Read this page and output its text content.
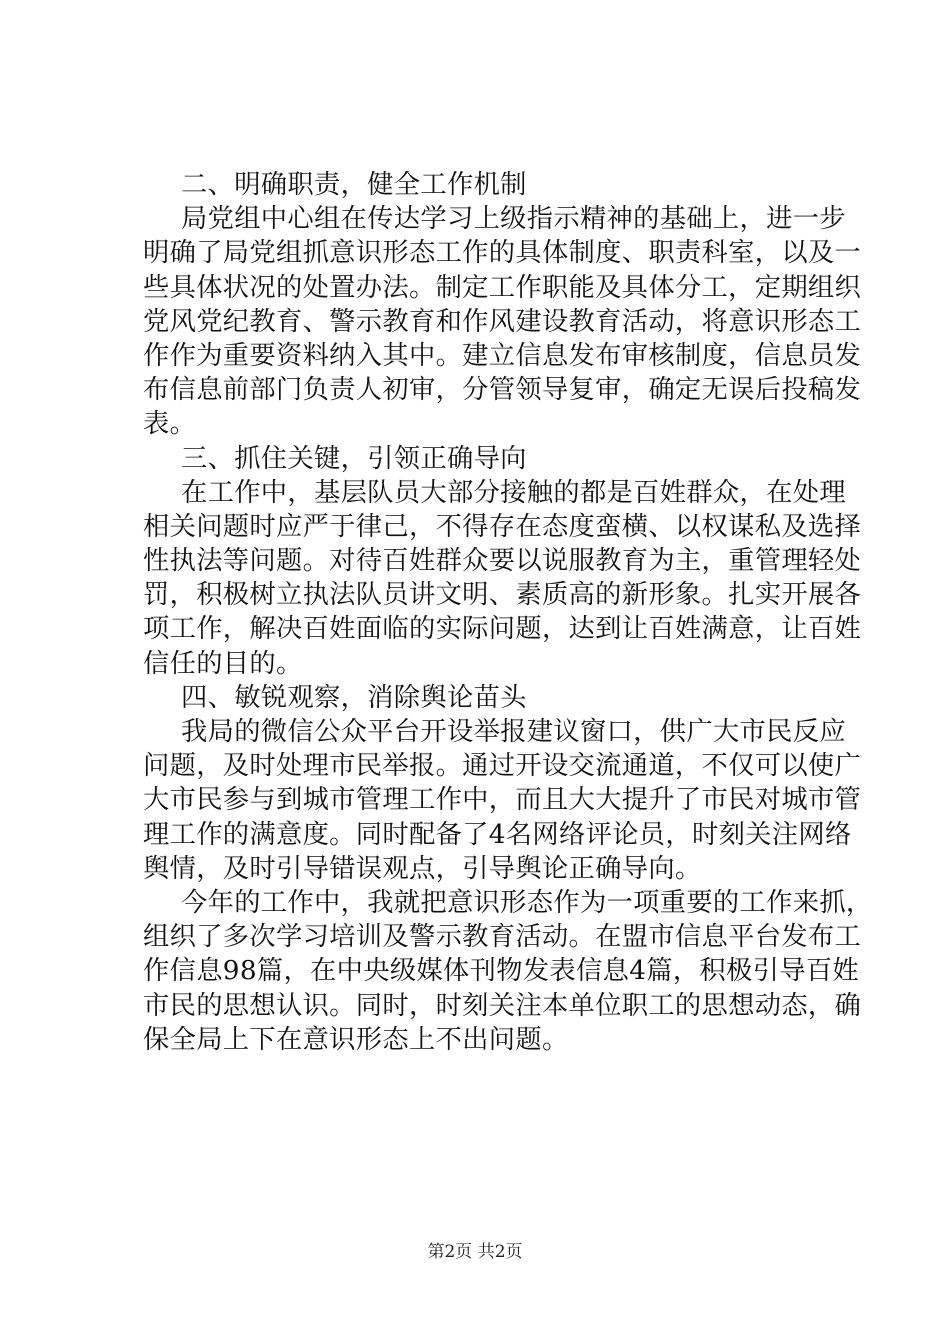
二、明确职责，健全工作机制
局党组中心组在传达学习上级指示精神的基础上，进一步
明确了局党组抓意识形态工作的具体制度、职责科室，以及一
些具体状况的处置办法。制定工作职能及具体分工，定期组织
党风党纪教育、警示教育和作风建设教育活动，将意识形态工
作作为重要资料纳入其中。建立信息发布审核制度，信息员发
布信息前部门负责人初审，分管领导复审，确定无误后投稿发
表。
三、抓住关键，引领正确导向
在工作中，基层队员大部分接触的都是百姓群众，在处理
相关问题时应严于律己，不得存在态度蛮横、以权谋私及选择
性执法等问题。对待百姓群众要以说服教育为主，重管理轻处
罚，积极树立执法队员讲文明、素质高的新形象。扎实开展各
项工作，解决百姓面临的实际问题，达到让百姓满意，让百姓
信任的目的。
四、敏锐观察，消除舆论苗头
我局的微信公众平台开设举报建议窗口，供广大市民反应
问题，及时处理市民举报。通过开设交流通道，不仅可以使广
大市民参与到城市管理工作中，而且大大提升了市民对城市管
理工作的满意度。同时配备了4名网络评论员，时刻关注网络
舆情，及时引导错误观点，引导舆论正确导向。
今年的工作中，我就把意识形态作为一项重要的工作来抓，
组织了多次学习培训及警示教育活动。在盟市信息平台发布工
作信息98篇，在中央级媒体刊物发表信息4篇，积极引导百姓
市民的思想认识。同时，时刻关注本单位职工的思想动态，确
保全局上下在意识形态上不出问题。
第2页 共2页
